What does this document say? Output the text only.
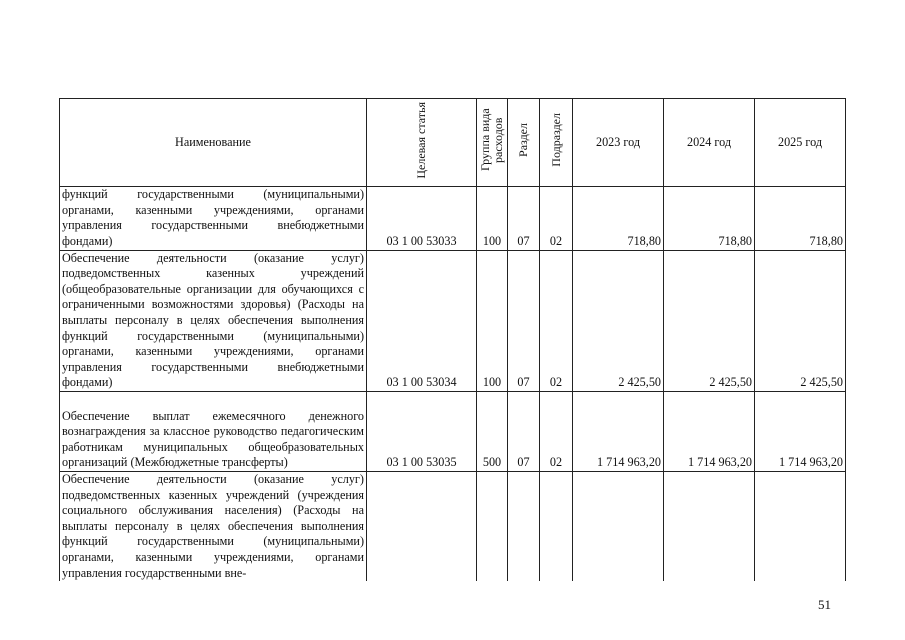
Наименование	Целевая статья	Группа вида расходов	Раздел	Подраздел	2023 год	2024 год	2025 год

функций государственными (муниципальными) органами, казенными учреждениями, органами управления государственными внебюджетными фондами)	03 1 00 53033	100	07	02	718,80	718,80	718,80

Обеспечение деятельности (оказание услуг) подведомственных казенных учреждений (общеобразовательные организации для обучающихся с ограниченными возможностями здоровья) (Расходы на выплаты персоналу в целях обеспечения выполнения функций государственными (муниципальными) органами, казенными учреждениями, органами управления государственными внебюджетными фондами)	03 1 00 53034	100	07	02	2 425,50	2 425,50	2 425,50

Обеспечение выплат ежемесячного денежного вознаграждения за классное руководство педагогическим работникам муниципальных общеобразовательных организаций (Межбюджетные трансферты)	03 1 00 53035	500	07	02	1 714 963,20	1 714 963,20	1 714 963,20

Обеспечение деятельности (оказание услуг) подведомственных казенных учреждений (учреждения социального обслуживания населения) (Расходы на выплаты персоналу в целях обеспечения выполнения функций государственными (муниципальными) органами, казенными учреждениями, органами управления государственными вне-							

51
